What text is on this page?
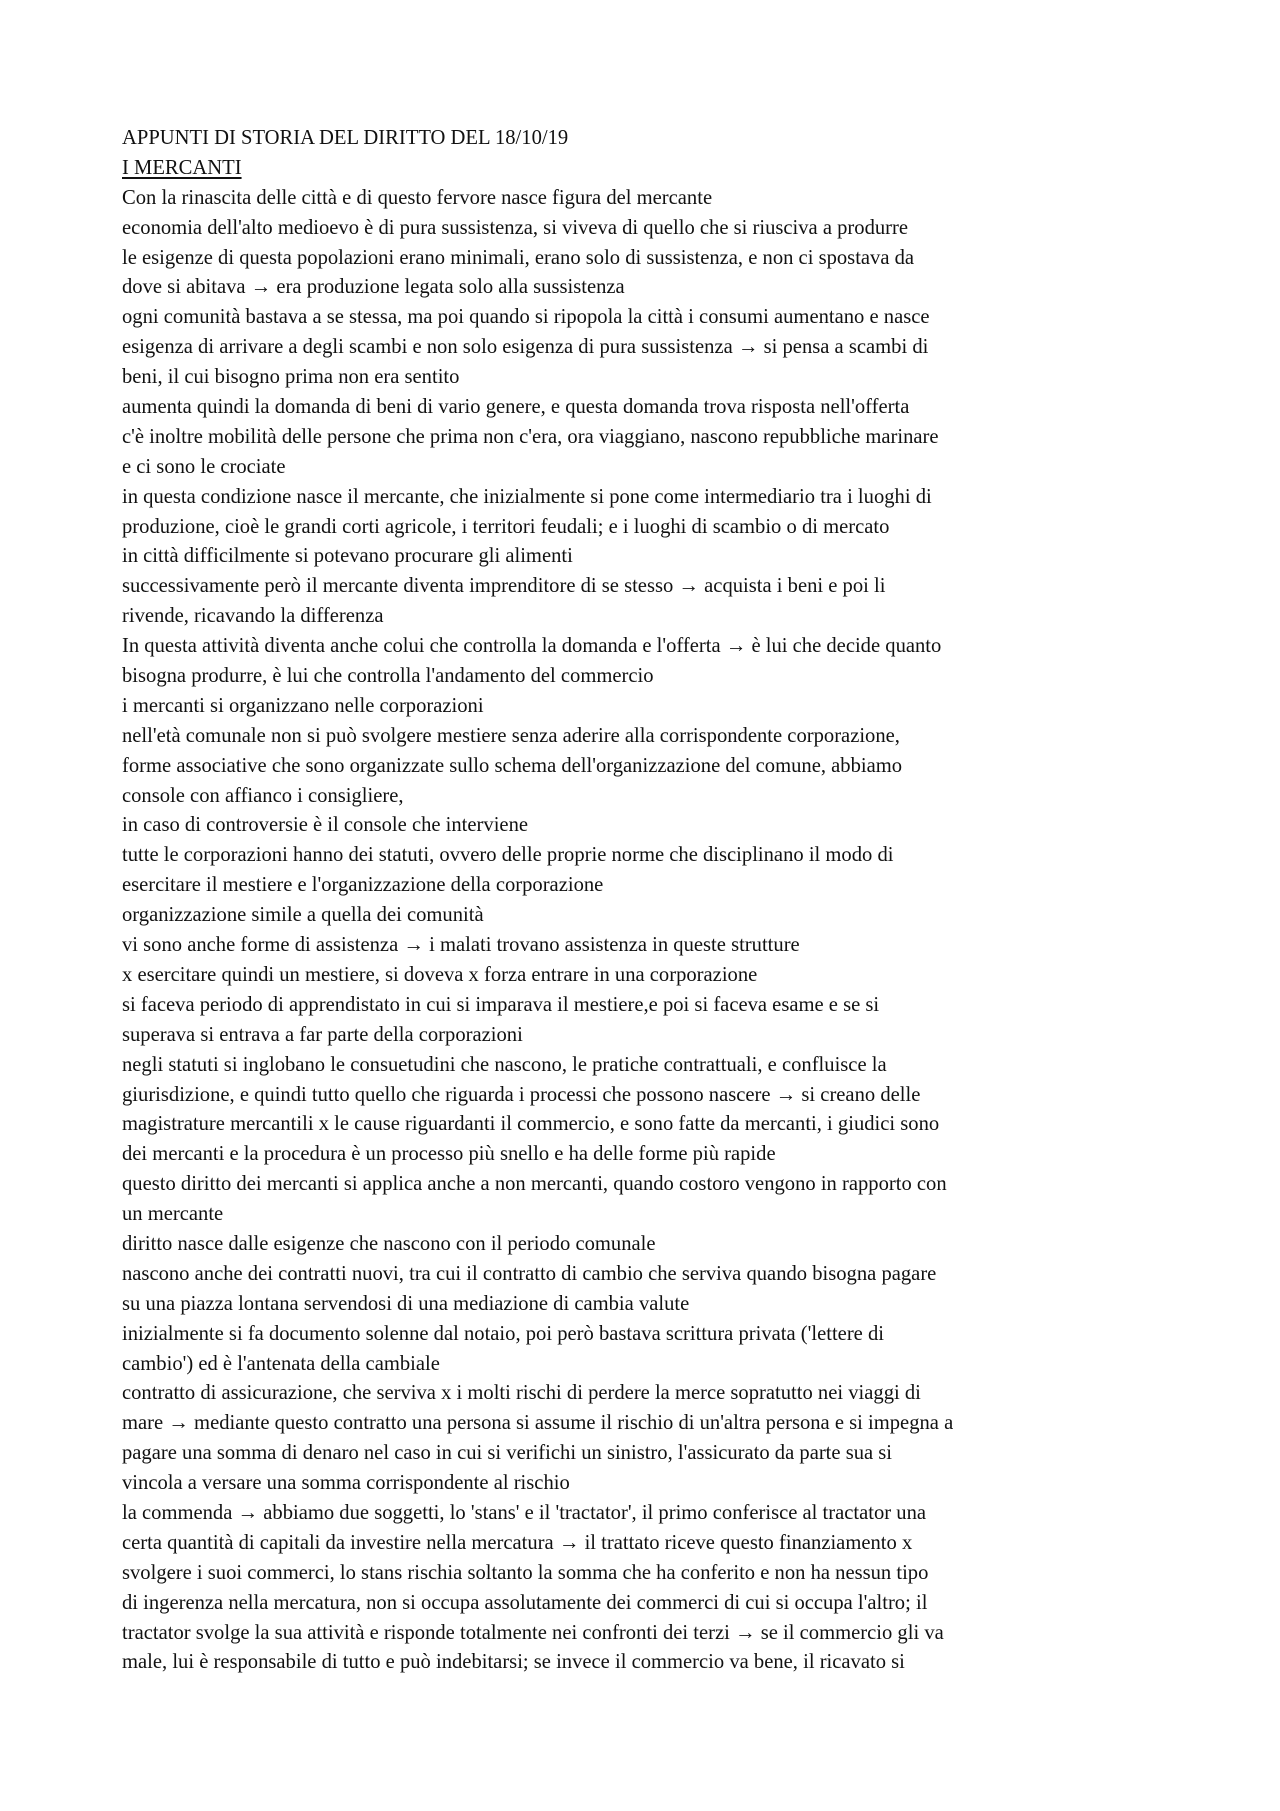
APPUNTI DI STORIA DEL DIRITTO DEL 18/10/19
I MERCANTI
Con la rinascita delle città e di questo fervore nasce figura del mercante
economia dell'alto medioevo è di pura sussistenza, si viveva di quello che si riusciva a produrre
le esigenze di questa popolazioni erano minimali, erano solo di sussistenza, e non ci spostava da
dove si abitava → era produzione legata solo alla sussistenza
ogni comunità bastava a se stessa, ma poi quando si ripopola la città i consumi aumentano e nasce
esigenza di arrivare a degli scambi e non solo esigenza di pura sussistenza → si pensa a scambi di
beni, il cui bisogno prima non era sentito
aumenta quindi la domanda di beni di vario genere, e questa domanda trova risposta nell'offerta
c'è inoltre mobilità delle persone che prima non c'era, ora viaggiano, nascono repubbliche marinare
e ci sono le crociate
in questa condizione nasce il mercante, che inizialmente si pone come intermediario tra i luoghi di
produzione, cioè le grandi corti agricole, i territori feudali; e i luoghi di scambio o di mercato
in città difficilmente si potevano procurare gli alimenti
successivamente però il mercante diventa imprenditore di se stesso → acquista i beni e poi li
rivende, ricavando la differenza
In questa attività diventa anche colui che controlla la domanda e l'offerta → è lui che decide quanto
bisogna produrre, è lui che controlla l'andamento del commercio
i mercanti si organizzano nelle corporazioni
nell'età comunale non si può svolgere mestiere senza aderire alla corrispondente corporazione,
forme associative che sono organizzate sullo schema dell'organizzazione del comune, abbiamo
console con affianco i consigliere,
in caso di controversie è il console che interviene
tutte le corporazioni hanno dei statuti, ovvero delle proprie norme che disciplinano il modo di
esercitare il mestiere e l'organizzazione della corporazione
organizzazione simile a quella dei comunità
vi sono anche forme di assistenza → i malati trovano assistenza in queste strutture
x esercitare quindi un mestiere, si doveva x forza entrare in una corporazione
si faceva periodo di apprendistato in cui si imparava il mestiere,e poi si faceva esame e se si
superava si entrava a far parte della corporazioni
negli statuti si inglobano le consuetudini che nascono, le pratiche contrattuali, e confluisce la
giurisdizione, e quindi tutto quello che riguarda i processi che possono nascere → si creano delle
magistrature mercantili x le cause riguardanti il commercio, e sono fatte da mercanti, i giudici sono
dei mercanti e la procedura è un processo più snello e ha delle forme più rapide
questo diritto dei mercanti si applica anche a non mercanti, quando costoro vengono in rapporto con
un mercante
diritto nasce dalle esigenze che nascono con il periodo comunale
nascono anche dei contratti nuovi, tra cui il contratto di cambio che serviva quando bisogna pagare
su una piazza lontana servendosi di una mediazione di cambia valute
inizialmente si fa documento solenne dal notaio, poi però bastava scrittura privata ('lettere di
cambio') ed è l'antenata della cambiale
contratto di assicurazione, che serviva x i molti rischi di perdere la merce sopratutto nei viaggi di
mare → mediante questo contratto una persona si assume il rischio di un'altra persona e si impegna a
pagare una somma di denaro nel caso in cui si verifichi un sinistro, l'assicurato da parte sua si
vincola a versare una somma corrispondente al rischio
la commenda → abbiamo due soggetti, lo 'stans' e il 'tractator', il primo conferisce al tractator una
certa quantità di capitali da investire nella mercatura → il trattato riceve questo finanziamento x
svolgere i suoi commerci, lo stans rischia soltanto la somma che ha conferito e non ha nessun tipo
di ingerenza nella mercatura, non si occupa assolutamente dei commerci di cui si occupa l'altro; il
tractator svolge la sua attività e risponde totalmente nei confronti dei terzi → se il commercio gli va
male, lui è responsabile di tutto e può indebitarsi; se invece il commercio va bene, il ricavato si
